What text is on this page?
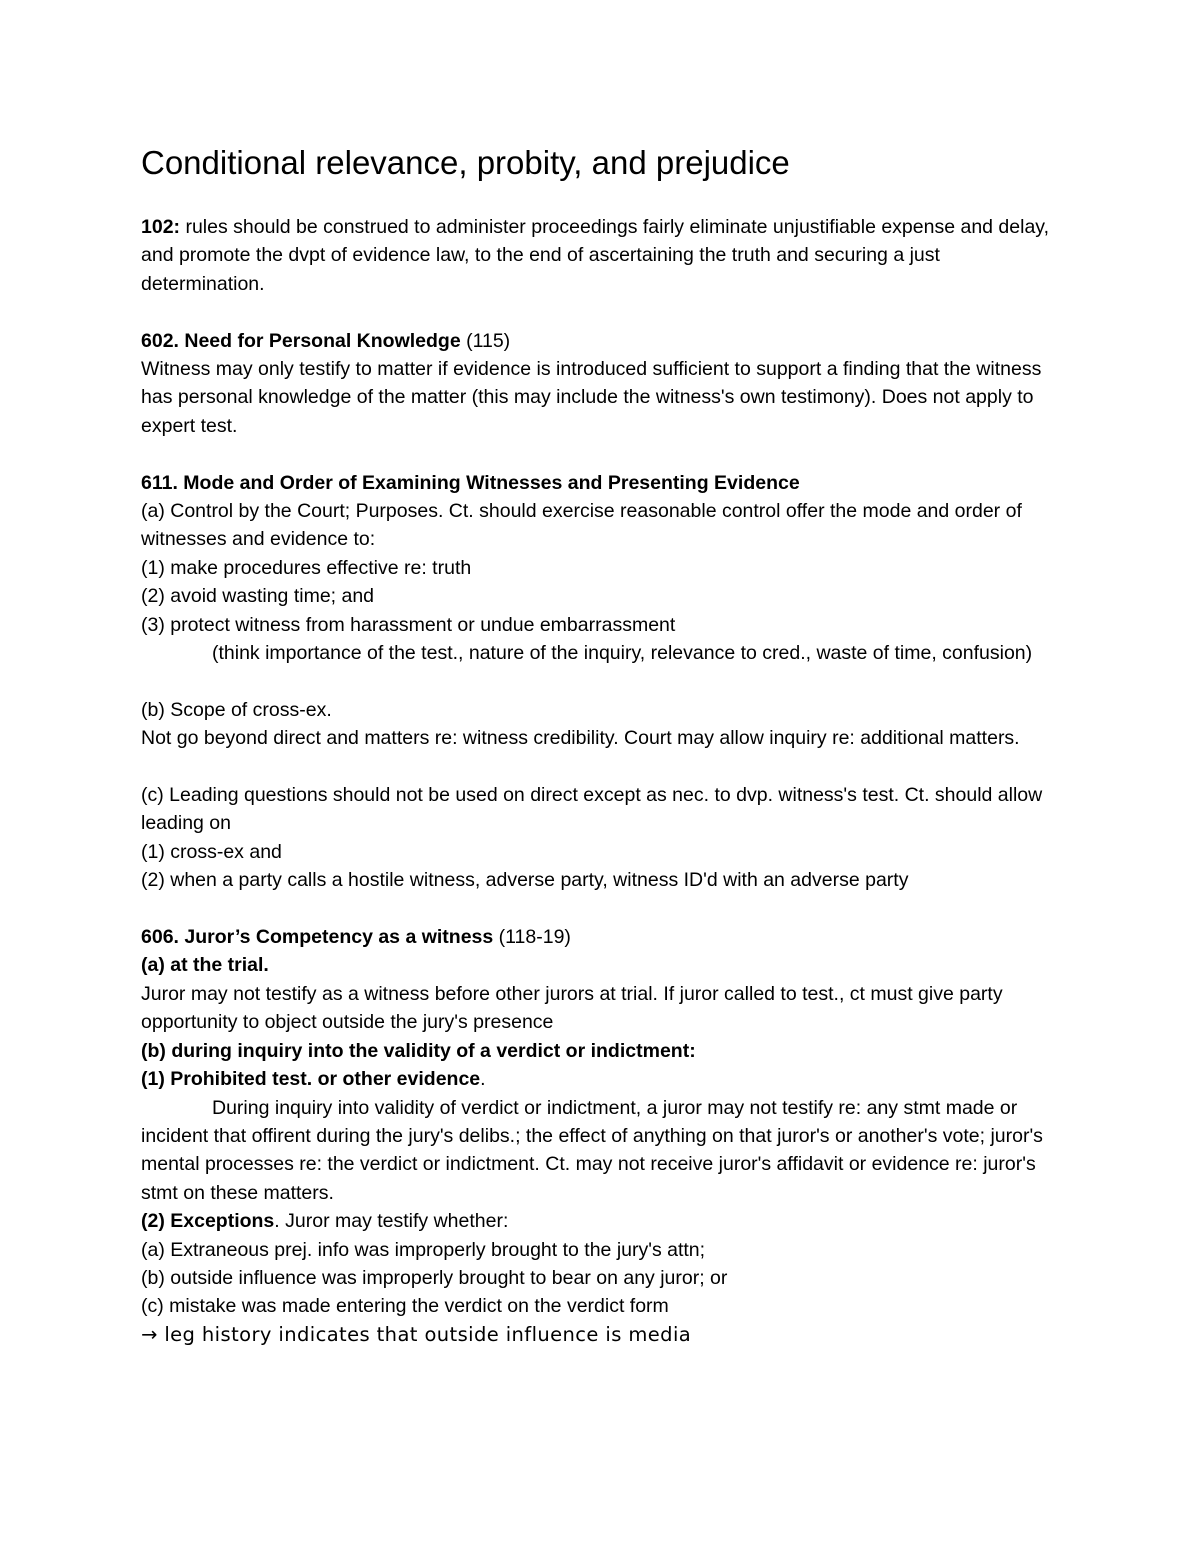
Conditional relevance, probity, and prejudice

102: rules should be construed to administer proceedings fairly eliminate unjustifiable expense and delay, and promote the dvpt of evidence law, to the end of ascertaining the truth and securing a just determination.

602. Need for Personal Knowledge (115)

Witness may only testify to matter if evidence is introduced sufficient to support a finding that the witness has personal knowledge of the matter (this may include the witness's own testimony). Does not apply to expert test.

611. Mode and Order of Examining Witnesses and Presenting Evidence

(a) Control by the Court; Purposes. Ct. should exercise reasonable control offer the mode and order of witnesses and evidence to:

(1) make procedures effective re: truth

(2) avoid wasting time; and

(3) protect witness from harassment or undue embarrassment

(think importance of the test., nature of the inquiry, relevance to cred., waste of time, confusion)

(b) Scope of cross-ex.

Not go beyond direct and matters re: witness credibility. Court may allow inquiry re: additional matters.

(c) Leading questions should not be used on direct except as nec. to dvp. witness's test. Ct. should allow leading on

(1) cross-ex and

(2) when a party calls a hostile witness, adverse party, witness ID'd with an adverse party

606. Juror’s Competency as a witness (118-19)

(a) at the trial.

Juror may not testify as a witness before other jurors at trial. If juror called to test., ct must give party opportunity to object outside the jury's presence

(b) during inquiry into the validity of a verdict or indictment:

(1) Prohibited test. or other evidence.

During inquiry into validity of verdict or indictment, a juror may not testify re: any stmt made or incident that offirent during the jury's delibs.; the effect of anything on that juror's or another's vote; juror's mental processes re: the verdict or indictment. Ct. may not receive juror's affidavit or evidence re: juror's stmt on these matters.

(2) Exceptions. Juror may testify whether:

(a) Extraneous prej. info was improperly brought to the jury's attn;

(b) outside influence was improperly brought to bear on any juror; or

(c) mistake was made entering the verdict on the verdict form

→ leg history indicates that outside influence is media
